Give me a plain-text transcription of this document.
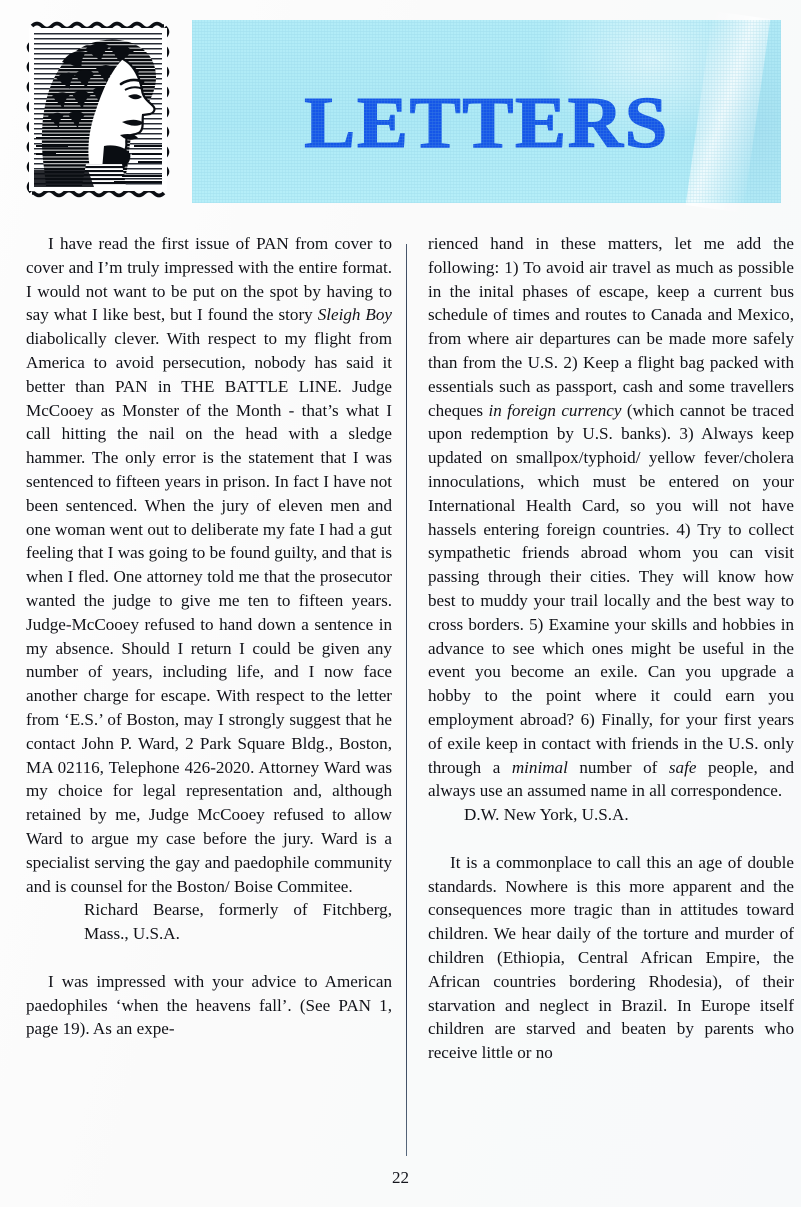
LETTERS

I have read the first issue of PAN from cover to cover and I’m truly impressed with the entire format. I would not want to be put on the spot by having to say what I like best, but I found the story Sleigh Boy diabolically clever. With respect to my flight from America to avoid persecution, nobody has said it better than PAN in THE BATTLE LINE. Judge McCooey as Monster of the Month - that’s what I call hitting the nail on the head with a sledge hammer. The only error is the statement that I was sentenced to fifteen years in prison. In fact I have not been sentenced. When the jury of eleven men and one woman went out to deliberate my fate I had a gut feeling that I was going to be found guilty, and that is when I fled. One attorney told me that the prosecutor wanted the judge to give me ten to fifteen years. Judge-McCooey refused to hand down a sentence in my absence. Should I return I could be given any number of years, including life, and I now face another charge for escape. With respect to the letter from ‘E.S.’ of Boston, may I strongly suggest that he contact John P. Ward, 2 Park Square Bldg., Boston, MA 02116, Telephone 426-2020. Attorney Ward was my choice for legal representation and, although retained by me, Judge McCooey refused to allow Ward to argue my case before the jury. Ward is a specialist serving the gay and paedophile community and is counsel for the Boston/ Boise Commitee.

Richard Bearse, formerly of Fitchberg, Mass., U.S.A.

I was impressed with your advice to American paedophiles ‘when the heavens fall’. (See PAN 1, page 19). As an expe-

rienced hand in these matters, let me add the following: 1) To avoid air travel as much as possible in the inital phases of escape, keep a current bus schedule of times and routes to Canada and Mexico, from where air departures can be made more safely than from the U.S. 2) Keep a flight bag packed with essentials such as passport, cash and some travellers cheques in foreign currency (which cannot be traced upon redemption by U.S. banks). 3) Always keep updated on smallpox/typhoid/ yellow fever/cholera innoculations, which must be entered on your International Health Card, so you will not have hassels entering foreign countries. 4) Try to collect sympathetic friends abroad whom you can visit passing through their cities. They will know how best to muddy your trail locally and the best way to cross borders. 5) Examine your skills and hobbies in advance to see which ones might be useful in the event you become an exile. Can you upgrade a hobby to the point where it could earn you employment abroad? 6) Finally, for your first years of exile keep in contact with friends in the U.S. only through a minimal number of safe people, and always use an assumed name in all correspondence.

D.W. New York, U.S.A.

It is a commonplace to call this an age of double standards. Nowhere is this more apparent and the consequences more tragic than in attitudes toward children. We hear daily of the torture and murder of children (Ethiopia, Central African Empire, the African countries bordering Rhodesia), of their starvation and neglect in Brazil. In Europe itself children are starved and beaten by parents who receive little or no

22
